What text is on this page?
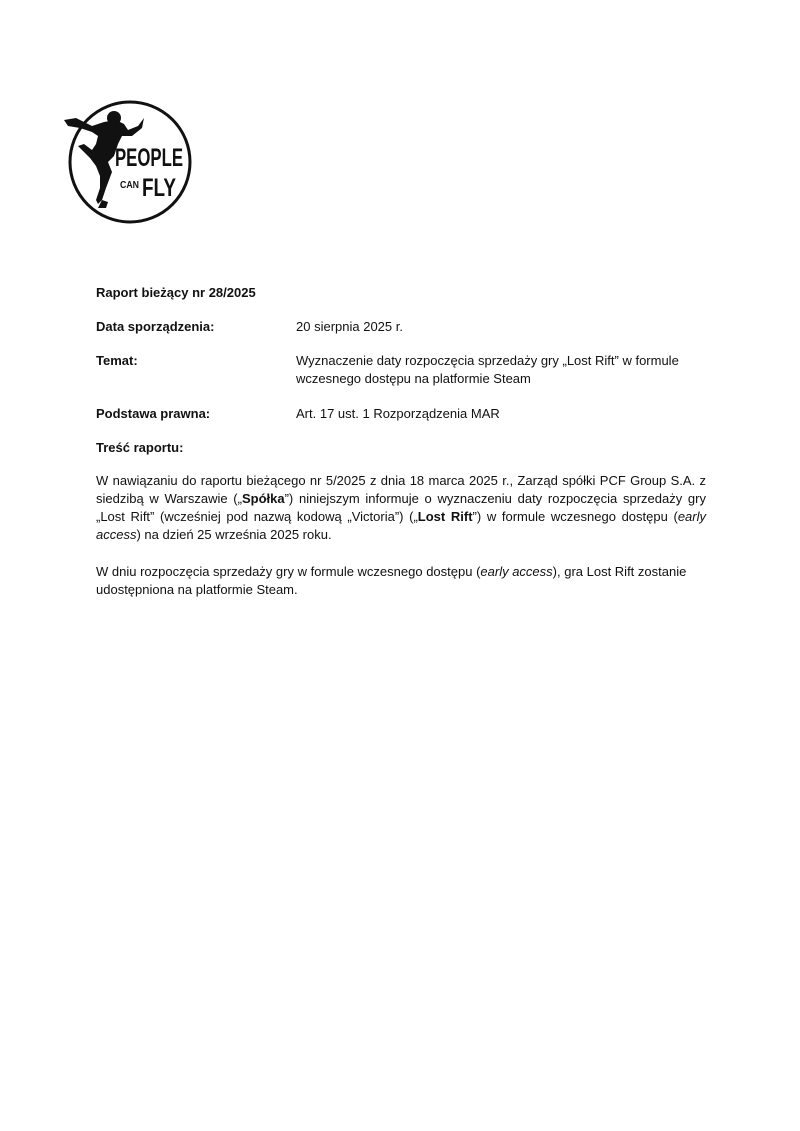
PEOPLE
CAN FLY
Raport bieżący nr 28/2025
Data sporządzenia:	20 sierpnia 2025 r.
Temat:	Wyznaczenie daty rozpoczęcia sprzedaży gry „Lost Rift” w formule wczesnego dostępu na platformie Steam
Podstawa prawna:	Art. 17 ust. 1 Rozporządzenia MAR
Treść raportu:

W nawiązaniu do raportu bieżącego nr 5/2025 z dnia 18 marca 2025 r., Zarząd spółki PCF Group S.A. z siedzibą w Warszawie („Spółka”) niniejszym informuje o wyznaczeniu daty rozpoczęcia sprzedaży gry „Lost Rift” (wcześniej pod nazwą kodową „Victoria”) („Lost Rift”) w formule wczesnego dostępu (early access) na dzień 25 września 2025 roku.

W dniu rozpoczęcia sprzedaży gry w formule wczesnego dostępu (early access), gra Lost Rift zostanie udostępniona na platformie Steam.
